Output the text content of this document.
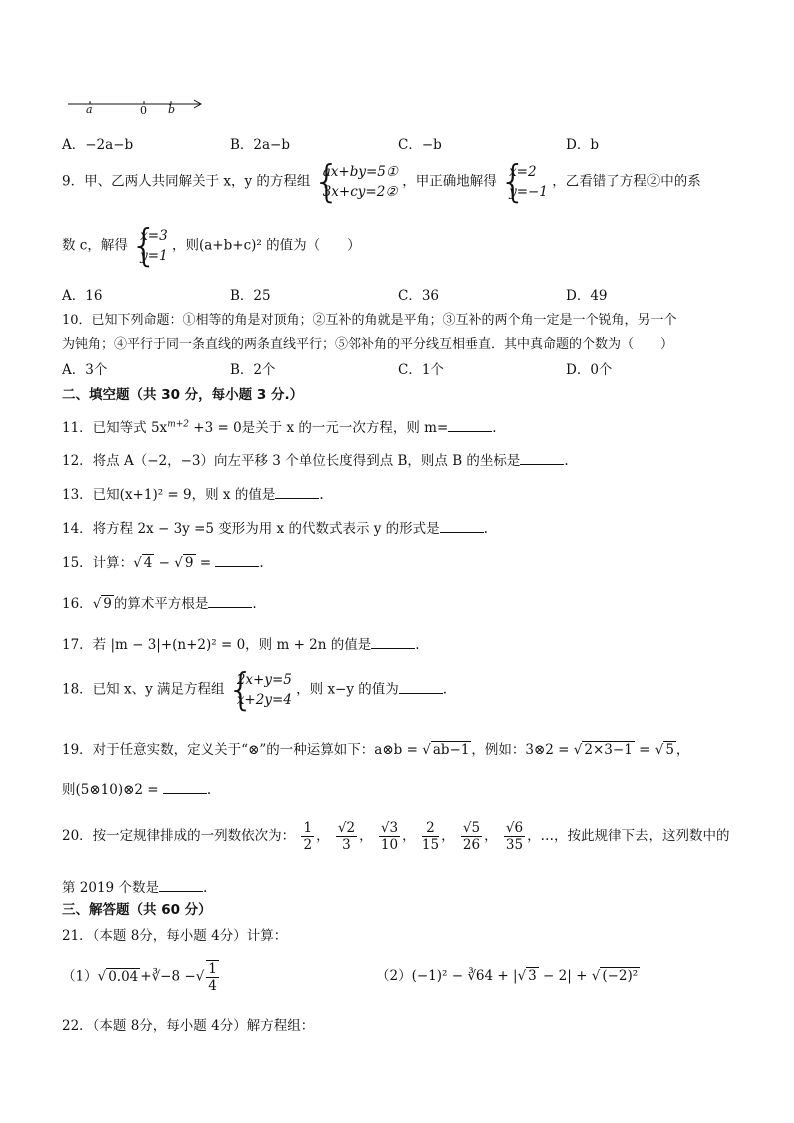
a	0 b
A．−2a−b	B．2a−b	C．−b	D．b
9．甲、乙两人共同解关于 x，y 的方程组
{ ax+by=5①
3x+cy=2②
，甲正确地解得
{ x=2
y=−1
，乙看错了方程②中的系
数 c，解得
{ x=3
y=1
，则(a+b+c)² 的值为（　　）
A．16	B．25	C．36	D．49
10．已知下列命题：①相等的角是对顶角；②互补的角就是平角；③互补的两个角一定是一个锐角，另一个
为钝角；④平行于同一条直线的两条直线平行；⑤邻补角的平分线互相垂直．其中真命题的个数为（　　）
A．3个	B．2个	C．1个	D．0个
二、填空题（共 30 分，每小题 3 分.）
11．已知等式 $5x^{m+2} +3 = 0$是关于 x 的一元一次方程，则 m=	.
12．将点 A（−2，−3）向左平移 3 个单位长度得到点 B，则点 B 的坐标是	.
13．已知(x+1)² = 9，则 x 的值是	.
14．将方程 2x − 3y =5 变形为用 x 的代数式表示 y 的形式是	.
15．计算：√ 4 − √ 9 =	.
16．√ 9 的算术平方根是	.
17．若 |m − 3|+(n+2)² = 0，则 m + 2n 的值是	.
18．已知 x、y 满足方程组
{ 2x+y=5
x+2y=4
，则 x−y 的值为	.
19．对于任意实数，定义关于“⊗”的一种运算如下：a⊗b = √ ab−1 ，例如：3⊗2 = √ 2×3−1 = √ 5 ，
则(5⊗10)⊗2 =	.
20．按一定规律排成的一列数依次为： $\frac{1}{2}$ ， $\frac{√2}{3}$ ， $\frac{√3}{10}$ ， $\frac{2}{15}$ ， $\frac{√5}{26}$ ， $\frac{√6}{35}$ ，…，按此规律下去，这列数中的
第 2019 个数是	.
三、解答题（共 60 分）
21．（本题 8分，每小题 4分）计算：
（1）√ 0.04 +∛−8 −√ $\frac{1}{4}$	（2）(−1)² − ∛64 + |√ 3 − 2| + √ (−2)²
22．（本题 8分，每小题 4分）解方程组：
